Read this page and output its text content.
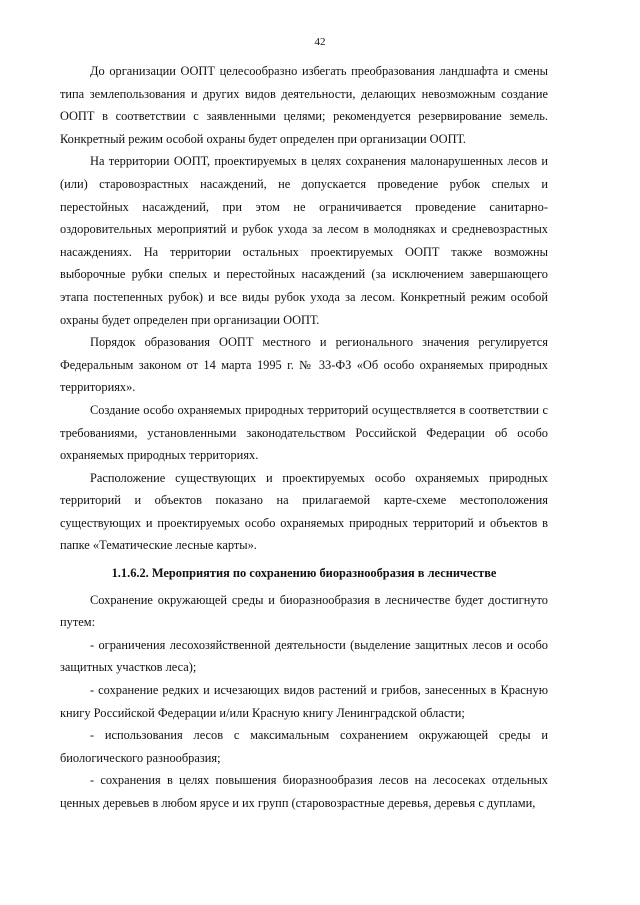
42

До организации ООПТ целесообразно избегать преобразования ландшафта и смены типа землепользования и других видов деятельности, делающих невозможным создание ООПТ в соответствии с заявленными целями; рекомендуется резервирование земель. Конкретный режим особой охраны будет определен при организации ООПТ.

На территории ООПТ, проектируемых в целях сохранения малонарушенных лесов и (или) старовозрастных насаждений, не допускается проведение рубок спелых и перестойных насаждений, при этом не ограничивается проведение санитарно-оздоровительных мероприятий и рубок ухода за лесом в молодняках и средневозрастных насаждениях. На территории остальных проектируемых ООПТ также возможны выборочные рубки спелых и перестойных насаждений (за исключением завершающего этапа постепенных рубок) и все виды рубок ухода за лесом. Конкретный режим особой охраны будет определен при организации ООПТ.

Порядок образования ООПТ местного и регионального значения регулируется Федеральным законом от 14 марта 1995 г. № 33-ФЗ «Об особо охраняемых природных территориях».

Создание особо охраняемых природных территорий осуществляется в соответствии с требованиями, установленными законодательством Российской Федерации об особо охраняемых природных территориях.

Расположение существующих и проектируемых особо охраняемых природных территорий и объектов показано на прилагаемой карте-схеме местоположения существующих и проектируемых особо охраняемых природных территорий и объектов в папке «Тематические лесные карты».

1.1.6.2. Мероприятия по сохранению биоразнообразия в лесничестве

Сохранение окружающей среды и биоразнообразия в лесничестве будет достигнуто путем:

- ограничения лесохозяйственной деятельности (выделение защитных лесов и особо защитных участков леса);

- сохранение редких и исчезающих видов растений и грибов, занесенных в Красную книгу Российской Федерации и/или Красную книгу Ленинградской области;

- использования лесов с максимальным сохранением окружающей среды и биологического разнообразия;

- сохранения в целях повышения биоразнообразия лесов на лесосеках отдельных ценных деревьев в любом ярусе и их групп (старовозрастные деревья, деревья с дуплами,
